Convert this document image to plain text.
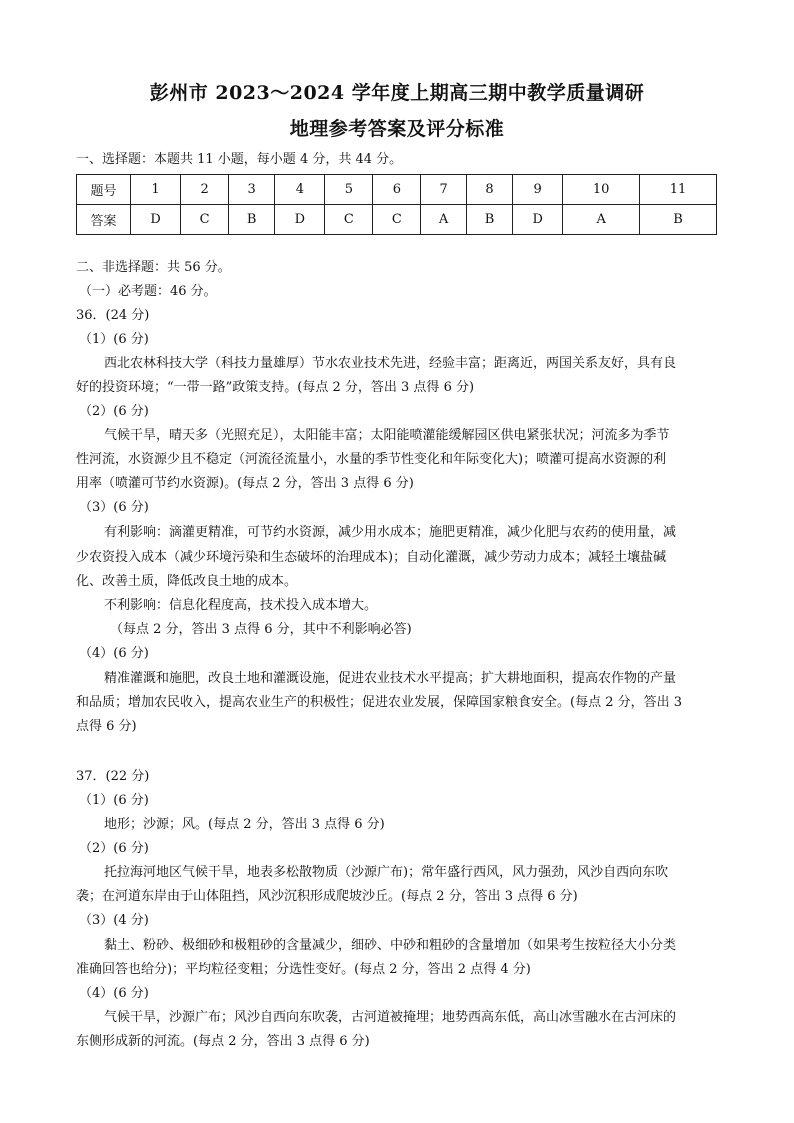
彭州市 2023～2024 学年度上期高三期中教学质量调研
地理参考答案及评分标准
一、选择题：本题共 11 小题，每小题 4 分，共 44 分。
题号	1	2	3	4	5	6	7	8	9	10	11
答案	D	C	B	D	C	C	A	B	D	A	B
二、非选择题：共 56 分。
（一）必考题：46 分。
36．(24 分)
（1）(6 分)
西北农林科技大学（科技力量雄厚）节水农业技术先进，经验丰富；距离近，两国关系友好，具有良
好的投资环境；“一带一路”政策支持。(每点 2 分，答出 3 点得 6 分)
（2）(6 分)
气候干旱，晴天多（光照充足），太阳能丰富；太阳能喷灌能缓解园区供电紧张状况；河流多为季节
性河流，水资源少且不稳定（河流径流量小，水量的季节性变化和年际变化大)；喷灌可提高水资源的利
用率（喷灌可节约水资源)。(每点 2 分，答出 3 点得 6 分)
（3）(6 分)
有利影响：滴灌更精准，可节约水资源，减少用水成本；施肥更精准，减少化肥与农药的使用量，减
少农资投入成本（减少环境污染和生态破坏的治理成本)；自动化灌溉，减少劳动力成本；减轻土壤盐碱
化、改善土质，降低改良土地的成本。
不利影响：信息化程度高，技术投入成本增大。
（每点 2 分，答出 3 点得 6 分，其中不利影响必答)
（4）(6 分)
精准灌溉和施肥，改良土地和灌溉设施，促进农业技术水平提高；扩大耕地面积，提高农作物的产量
和品质；增加农民收入，提高农业生产的积极性；促进农业发展，保障国家粮食安全。(每点 2 分，答出 3
点得 6 分)
37．(22 分)
（1）(6 分)
地形；沙源；风。(每点 2 分，答出 3 点得 6 分)
（2）(6 分)
托拉海河地区气候干旱，地表多松散物质（沙源广布)；常年盛行西风，风力强劲，风沙自西向东吹
袭；在河道东岸由于山体阻挡，风沙沉积形成爬坡沙丘。(每点 2 分，答出 3 点得 6 分)
（3）(4 分)
黏土、粉砂、极细砂和极粗砂的含量减少，细砂、中砂和粗砂的含量增加（如果考生按粒径大小分类
准确回答也给分)；平均粒径变粗；分选性变好。(每点 2 分，答出 2 点得 4 分)
（4）(6 分)
气候干旱，沙源广布；风沙自西向东吹袭，古河道被掩埋；地势西高东低，高山冰雪融水在古河床的
东侧形成新的河流。(每点 2 分，答出 3 点得 6 分)
